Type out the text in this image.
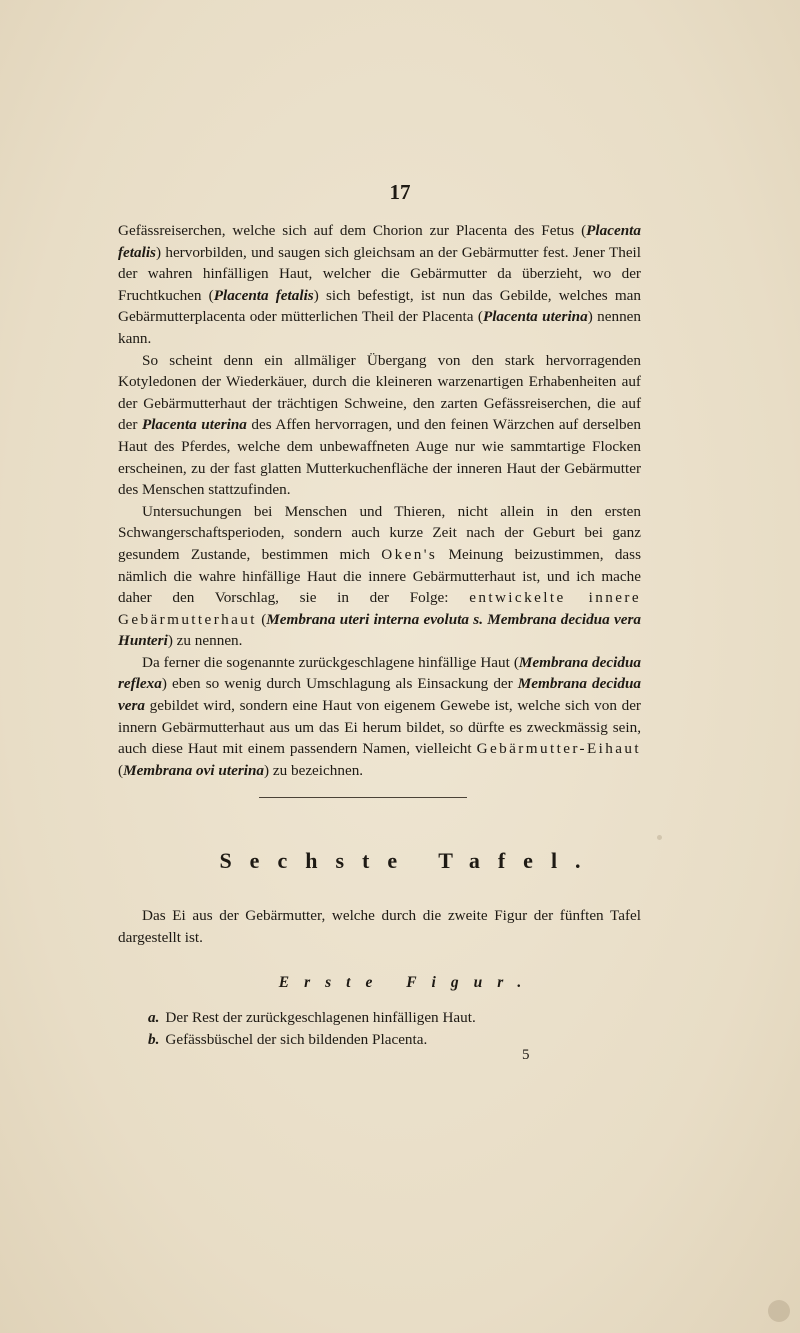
17

Gefässreiserchen, welche sich auf dem Chorion zur Placenta des Fetus (Placenta fetalis) hervorbilden, und saugen sich gleichsam an der Gebärmutter fest. Jener Theil der wahren hinfälligen Haut, welcher die Gebärmutter da überzieht, wo der Fruchtkuchen (Placenta fetalis) sich befestigt, ist nun das Gebilde, welches man Gebärmutterplacenta oder mütterlichen Theil der Placenta (Placenta uterina) nennen kann.

So scheint denn ein allmäliger Übergang von den stark hervorragenden Kotyledonen der Wiederkäuer, durch die kleineren warzenartigen Erhabenheiten auf der Gebärmutterhaut der trächtigen Schweine, den zarten Gefässreiserchen, die auf der Placenta uterina des Affen hervorragen, und den feinen Wärzchen auf derselben Haut des Pferdes, welche dem unbewaffneten Auge nur wie sammtartige Flocken erscheinen, zu der fast glatten Mutterkuchenfläche der inneren Haut der Gebärmutter des Menschen stattzufinden.

Untersuchungen bei Menschen und Thieren, nicht allein in den ersten Schwangerschaftsperioden, sondern auch kurze Zeit nach der Geburt bei ganz gesundem Zustande, bestimmen mich Oken's Meinung beizustimmen, dass nämlich die wahre hinfällige Haut die innere Gebärmutterhaut ist, und ich mache daher den Vorschlag, sie in der Folge: entwickelte innere Gebärmutterhaut (Membrana uteri interna evoluta s. Membrana decidua vera Hunteri) zu nennen.

Da ferner die sogenannte zurückgeschlagene hinfällige Haut (Membrana decidua reflexa) eben so wenig durch Umschlagung als Einsackung der Membrana decidua vera gebildet wird, sondern eine Haut von eigenem Gewebe ist, welche sich von der innern Gebärmutterhaut aus um das Ei herum bildet, so dürfte es zweckmässig sein, auch diese Haut mit einem passendern Namen, vielleicht Gebärmutter-Eihaut (Membrana ovi uterina) zu bezeichnen.

Sechste Tafel.
Das Ei aus der Gebärmutter, welche durch die zweite Figur der fünften Tafel dargestellt ist.
Erste Figur.
a. Der Rest der zurückgeschlagenen hinfälligen Haut.
b. Gefässbüschel der sich bildenden Placenta.
5
